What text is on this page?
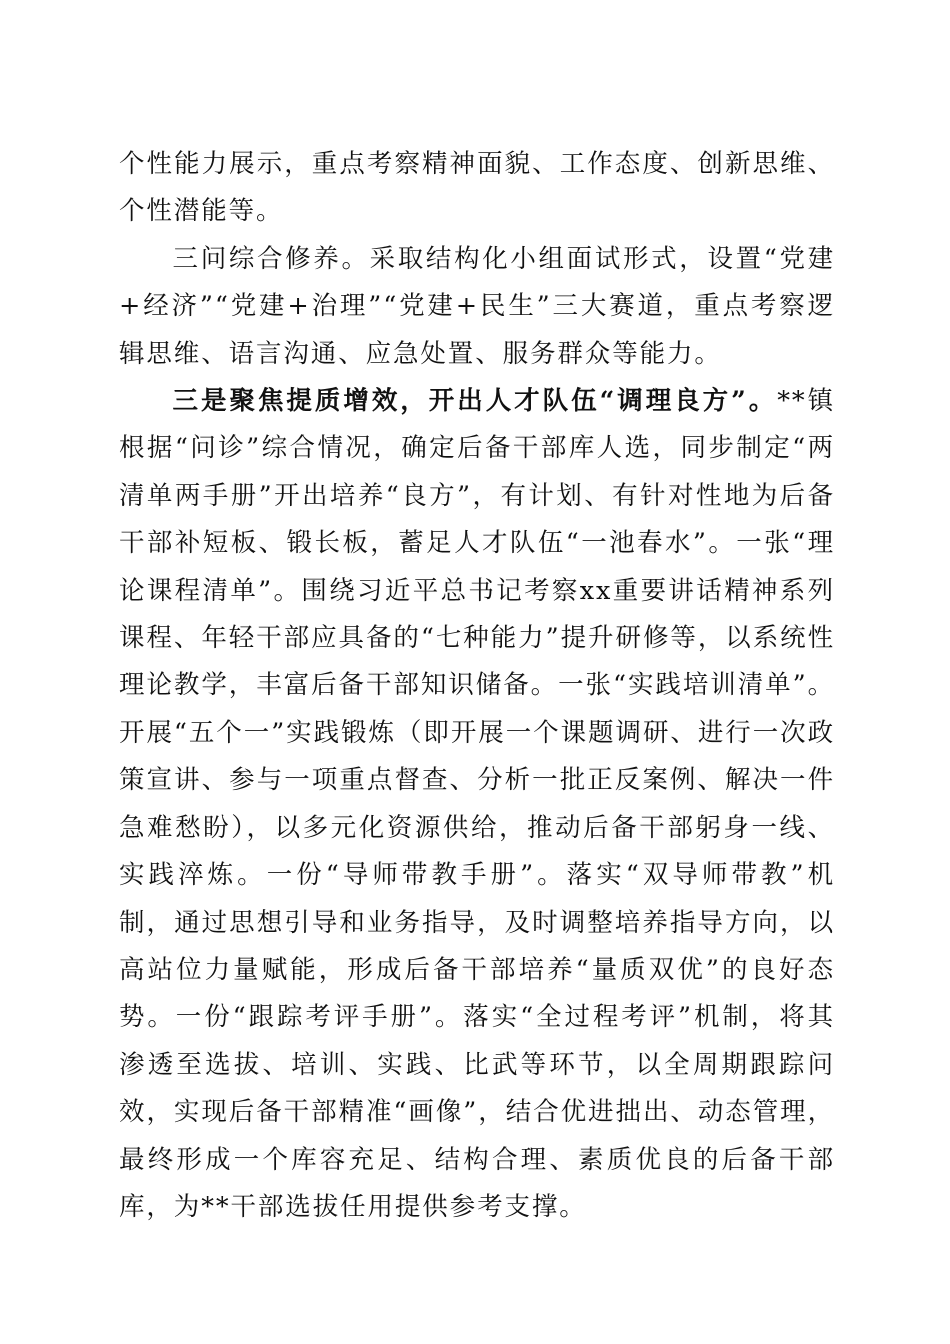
个性能力展示，重点考察精神面貌、工作态度、创新思维、个性潜能等。

三问综合修养。采取结构化小组面试形式，设置“党建+经济”“党建+治理”“党建+民生”三大赛道，重点考察逻辑思维、语言沟通、应急处置、服务群众等能力。

三是聚焦提质增效，开出人才队伍“调理良方”。**镇根据“问诊”综合情况，确定后备干部库人选，同步制定“两清单两手册”开出培养“良方”，有计划、有针对性地为后备干部补短板、锻长板，蓄足人才队伍“一池春水”。一张“理论课程清单”。围绕习近平总书记考察xx重要讲话精神系列课程、年轻干部应具备的“七种能力”提升研修等，以系统性理论教学，丰富后备干部知识储备。一张“实践培训清单”。开展“五个一”实践锻炼（即开展一个课题调研、进行一次政策宣讲、参与一项重点督查、分析一批正反案例、解决一件急难愁盼），以多元化资源供给，推动后备干部躬身一线、实践淬炼。一份“导师带教手册”。落实“双导师带教”机制，通过思想引导和业务指导，及时调整培养指导方向，以高站位力量赋能，形成后备干部培养“量质双优”的良好态势。一份“跟踪考评手册”。落实“全过程考评”机制，将其渗透至选拔、培训、实践、比武等环节，以全周期跟踪问效，实现后备干部精准“画像”，结合优进拙出、动态管理，最终形成一个库容充足、结构合理、素质优良的后备干部库，为**干部选拔任用提供参考支撑。
